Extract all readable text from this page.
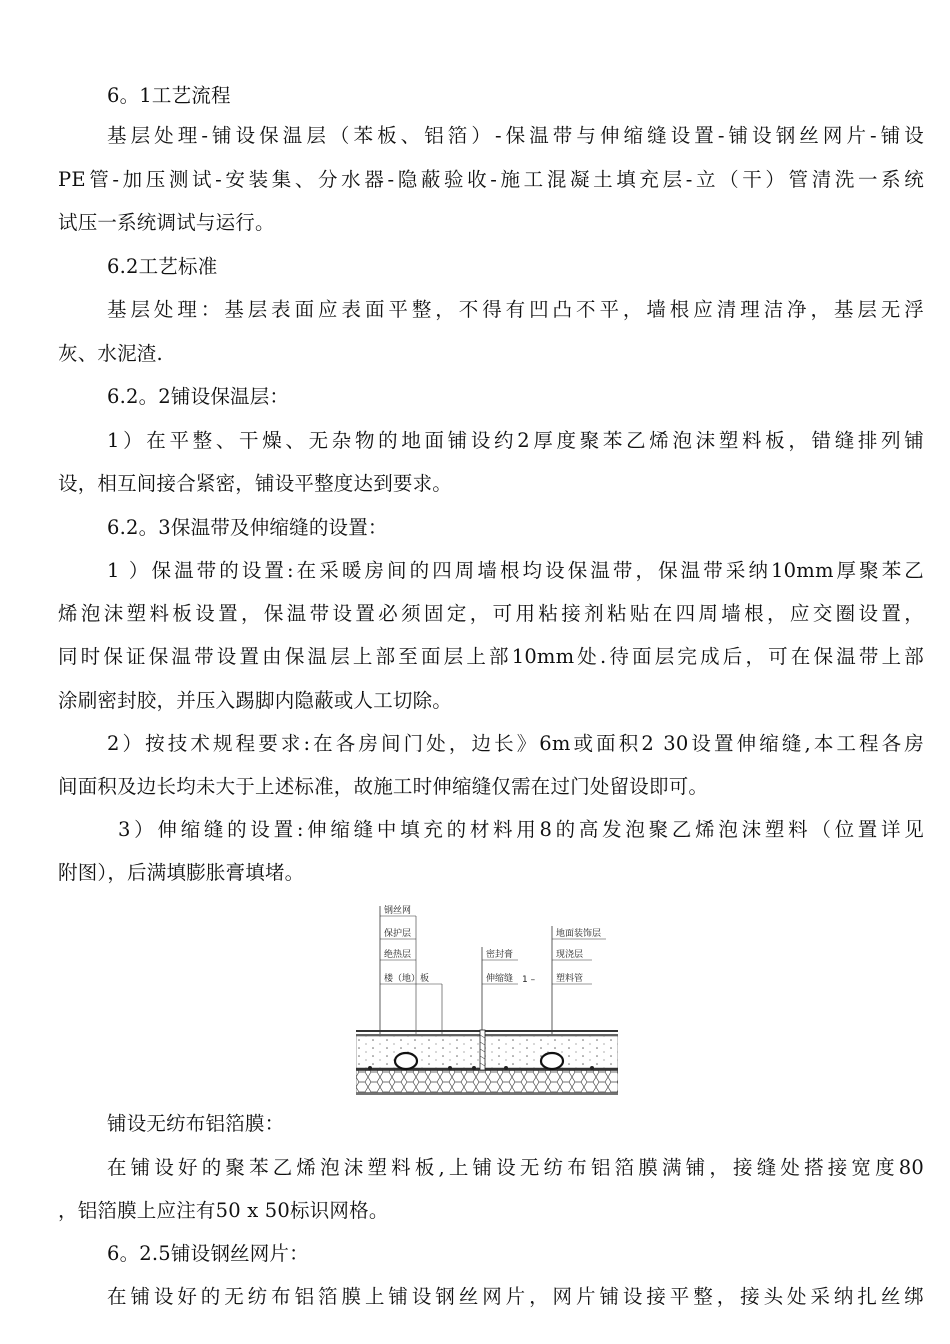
6。1工艺流程
基层处理-铺设保温层（苯板、铝箔）-保温带与伸缩缝设置-铺设钢丝网片-铺设
PE管-加压测试-安装集、分水器-隐蔽验收-施工混凝土填充层-立（干）管清洗一系统
试压一系统调试与运行。
6.2工艺标准
基层处理：基层表面应表面平整，不得有凹凸不平，墙根应清理洁净，基层无浮
灰、水泥渣.
6.2。2铺设保温层：
1）在平整、干燥、无杂物的地面铺设约2厚度聚苯乙烯泡沫塑料板，错缝排列铺
设，相互间接合紧密，铺设平整度达到要求。
6.2。3保温带及伸缩缝的设置：
1 ）保温带的设置:在采暖房间的四周墙根均设保温带，保温带采纳10mm厚聚苯乙
烯泡沫塑料板设置，保温带设置必须固定，可用粘接剂粘贴在四周墙根，应交圈设置，
同时保证保温带设置由保温层上部至面层上部10mm处.待面层完成后，可在保温带上部
涂刷密封胶，并压入踢脚内隐蔽或人工切除。
2）按技术规程要求:在各房间门处，边长》6m或面积2 30设置伸缩缝,本工程各房
间面积及边长均未大于上述标准，故施工时伸缩缝仅需在过门处留设即可。
3）伸缩缝的设置:伸缩缝中填充的材料用8的高发泡聚乙烯泡沫塑料（位置详见
附图），后满填膨胀膏填堵。
钢丝网
保护层
绝热层
楼（地）板
密封膏
伸缩缝 1 –
地面装饰层
现浇层
塑料管
铺设无纺布铝箔膜：
在铺设好的聚苯乙烯泡沫塑料板,上铺设无纺布铝箔膜满铺，接缝处搭接宽度80
，铝箔膜上应注有50 x 50标识网格。
6。2.5铺设钢丝网片：
在铺设好的无纺布铝箔膜上铺设钢丝网片，网片铺设接平整，接头处采纳扎丝绑
